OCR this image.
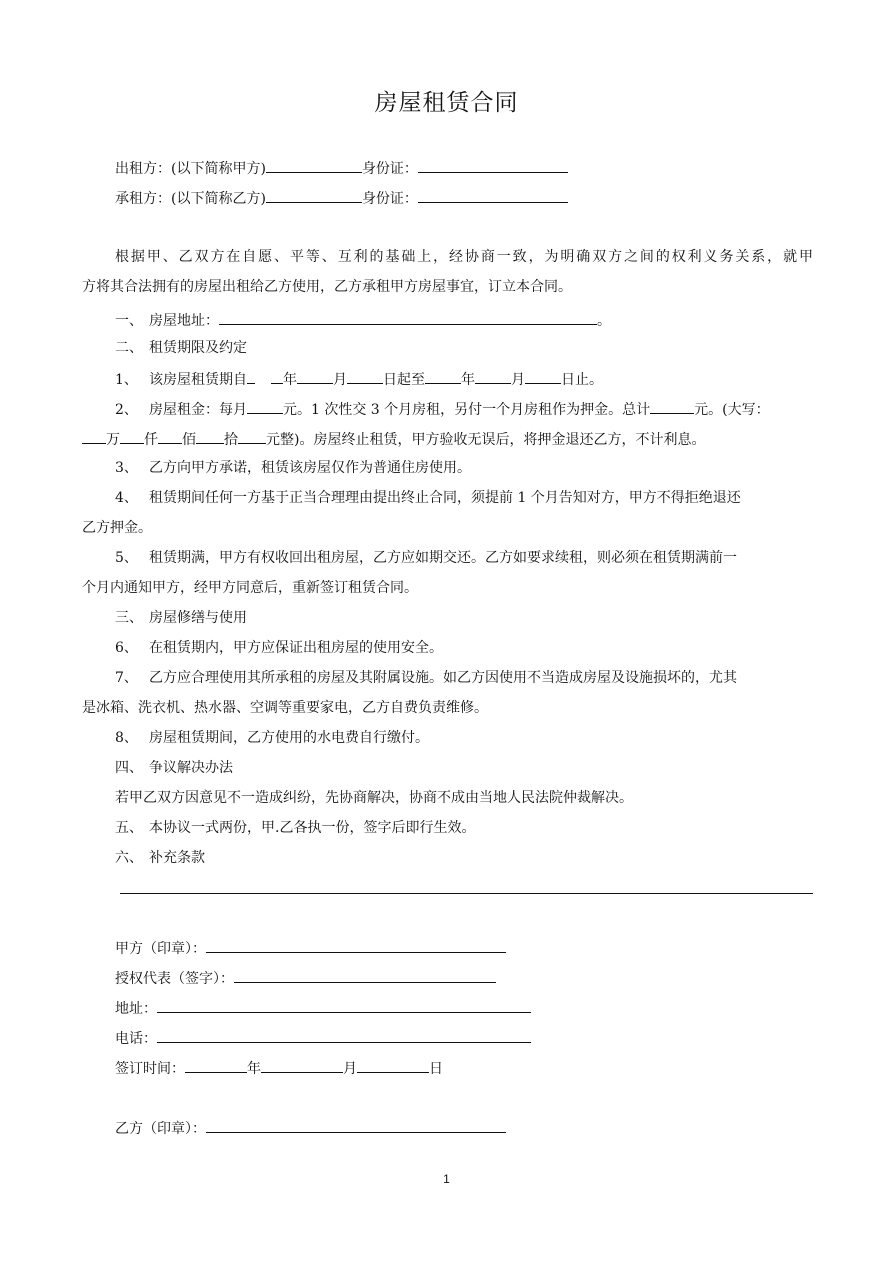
房屋租赁合同
出租方：(以下简称甲方)	身份证：
承租方：(以下简称乙方)	身份证：
根据甲、乙双方在自愿、平等、互利的基础上，经协商一致，为明确双方之间的权利义务关系，就甲
方将其合法拥有的房屋出租给乙方使用，乙方承租甲方房屋事宜，订立本合同。
一、 房屋地址：	。
二、 租赁期限及约定
1、 该房屋租赁期自	年	月	日起至	年	月	日止。
2、 房屋租金：每月	元。1 次性交 3 个月房租，另付一个月房租作为押金。总计	元。(大写：
万 仟 佰 拾 元整)。房屋终止租赁，甲方验收无误后，将押金退还乙方，不计利息。
3、 乙方向甲方承诺，租赁该房屋仅作为普通住房使用。
4、 租赁期间任何一方基于正当合理理由提出终止合同，须提前 1 个月告知对方，甲方不得拒绝退还
乙方押金。
5、 租赁期满，甲方有权收回出租房屋，乙方应如期交还。乙方如要求续租，则必须在租赁期满前一
个月内通知甲方，经甲方同意后，重新签订租赁合同。
三、 房屋修缮与使用
6、 在租赁期内，甲方应保证出租房屋的使用安全。
7、 乙方应合理使用其所承租的房屋及其附属设施。如乙方因使用不当造成房屋及设施损坏的，尤其
是冰箱、洗衣机、热水器、空调等重要家电，乙方自费负责维修。
8、 房屋租赁期间，乙方使用的水电费自行缴付。
四、 争议解决办法
若甲乙双方因意见不一造成纠纷，先协商解决，协商不成由当地人民法院仲裁解决。
五、 本协议一式两份，甲.乙各执一份，签字后即行生效。
六、 补充条款
甲方（印章）：
授权代表（签字）：
地址：
电话：
签订时间：	年	月	日
乙方（印章）：
1
